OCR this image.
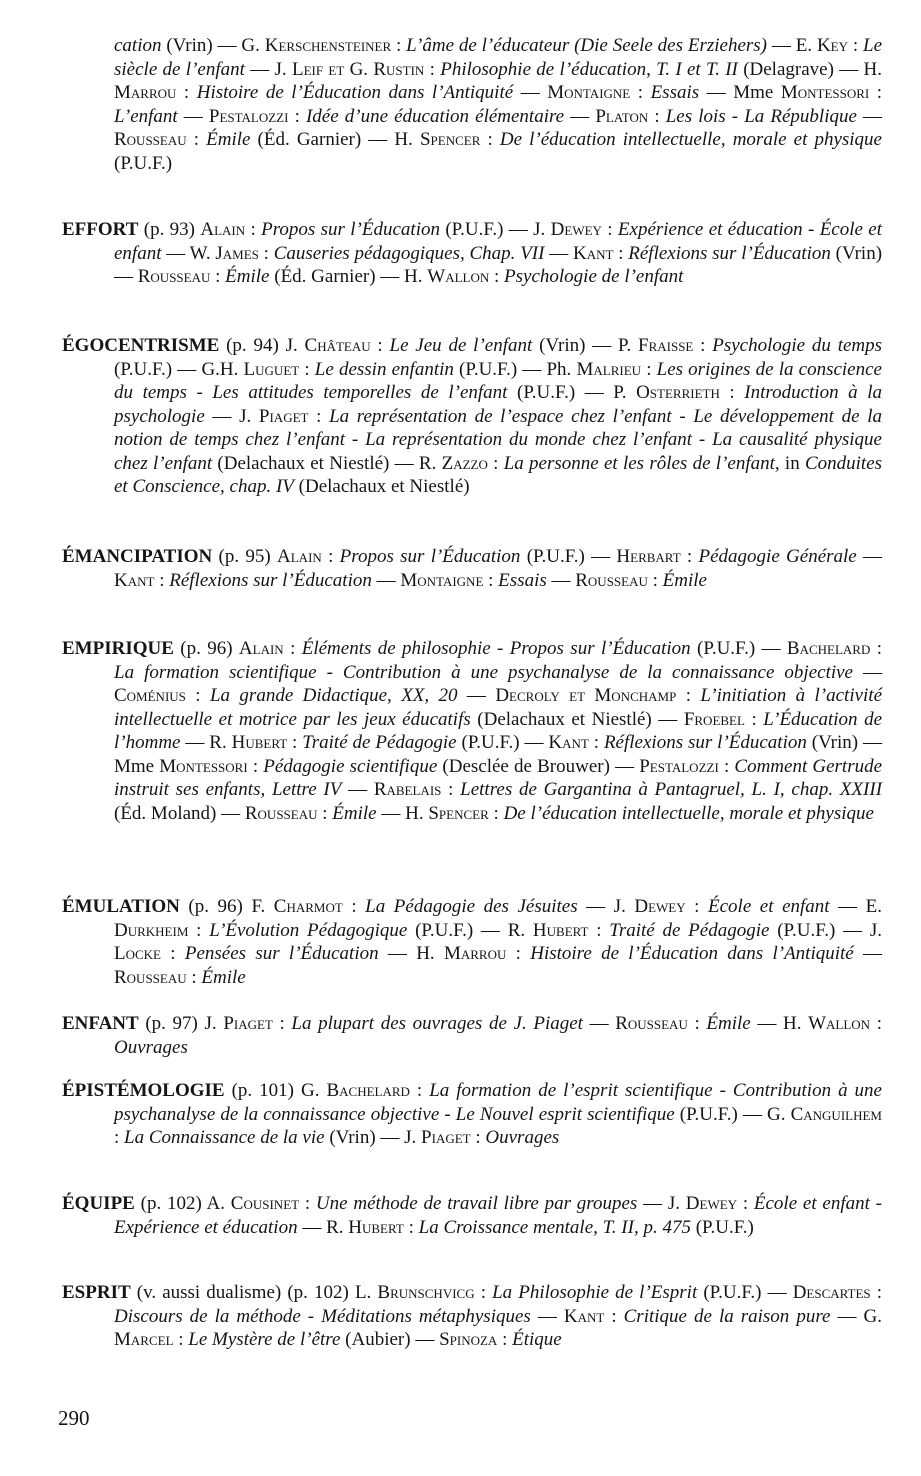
cation (Vrin) — G. Kerschensteiner : L’âme de l’éducateur (Die Seele des Erziehers) — E. Key : Le siècle de l’enfant — J. Leif et G. Rustin : Philosophie de l’éducation, T. I et T. II (Delagrave) — H. Marrou : Histoire de l’Éducation dans l’Antiquité — Montaigne : Essais — Mme Montessori : L’enfant — Pestalozzi : Idée d’une éducation élémentaire — Platon : Les lois - La République — Rousseau : Émile (Éd. Garnier) — H. Spencer : De l’éducation intellectuelle, morale et physique (P.U.F.)

EFFORT (p. 93) Alain : Propos sur l’Éducation (P.U.F.) — J. Dewey : Expérience et éducation - École et enfant — W. James : Causeries pédagogiques, Chap. VII — Kant : Réflexions sur l’Éducation (Vrin) — Rousseau : Émile (Éd. Garnier) — H. Wallon : Psychologie de l’enfant

ÉGOCENTRISME (p. 94) J. Château : Le Jeu de l’enfant (Vrin) — P. Fraisse : Psychologie du temps (P.U.F.) — G.H. Luguet : Le dessin enfantin (P.U.F.) — Ph. Malrieu : Les origines de la conscience du temps - Les attitudes temporelles de l’enfant (P.U.F.) — P. Osterrieth : Introduction à la psychologie — J. Piaget : La représentation de l’espace chez l’enfant - Le développement de la notion de temps chez l’enfant - La représentation du monde chez l’enfant - La causalité physique chez l’enfant (Delachaux et Niestlé) — R. Zazzo : La personne et les rôles de l’enfant, in Conduites et Conscience, chap. IV (Delachaux et Niestlé)

ÉMANCIPATION (p. 95) Alain : Propos sur l’Éducation (P.U.F.) — Herbart : Pédagogie Générale — Kant : Réflexions sur l’Éducation — Montaigne : Essais — Rousseau : Émile

EMPIRIQUE (p. 96) Alain : Éléments de philosophie - Propos sur l’Éducation (P.U.F.) — Bachelard : La formation scientifique - Contribution à une psychanalyse de la connaissance objective — Coménius : La grande Didactique, XX, 20 — Decroly et Monchamp : L’initiation à l’activité intellectuelle et motrice par les jeux éducatifs (Delachaux et Niestlé) — Froebel : L’Éducation de l’homme — R. Hubert : Traité de Pédagogie (P.U.F.) — Kant : Réflexions sur l’Éducation (Vrin) — Mme Montessori : Pédagogie scientifique (Desclée de Brouwer) — Pestalozzi : Comment Gertrude instruit ses enfants, Lettre IV — Rabelais : Lettres de Gargantina à Pantagruel, L. I, chap. XXIII (Éd. Moland) — Rousseau : Émile — H. Spencer : De l’éducation intellectuelle, morale et physique

ÉMULATION (p. 96) F. Charmot : La Pédagogie des Jésuites — J. Dewey : École et enfant — E. Durkheim : L’Évolution Pédagogique (P.U.F.) — R. Hubert : Traité de Pédagogie (P.U.F.) — J. Locke : Pensées sur l’Éducation — H. Marrou : Histoire de l’Éducation dans l’Antiquité — Rousseau : Émile

ENFANT (p. 97) J. Piaget : La plupart des ouvrages de J. Piaget — Rousseau : Émile — H. Wallon : Ouvrages

ÉPISTÉMOLOGIE (p. 101) G. Bachelard : La formation de l’esprit scientifique - Contribution à une psychanalyse de la connaissance objective - Le Nouvel esprit scientifique (P.U.F.) — G. Canguilhem : La Connaissance de la vie (Vrin) — J. Piaget : Ouvrages

ÉQUIPE (p. 102) A. Cousinet : Une méthode de travail libre par groupes — J. Dewey : École et enfant - Expérience et éducation — R. Hubert : La Croissance mentale, T. II, p. 475 (P.U.F.)

ESPRIT (v. aussi dualisme) (p. 102) L. Brunschvicg : La Philosophie de l’Esprit (P.U.F.) — Descartes : Discours de la méthode - Méditations métaphysiques — Kant : Critique de la raison pure — G. Marcel : Le Mystère de l’être (Aubier) — Spinoza : Étique

290
